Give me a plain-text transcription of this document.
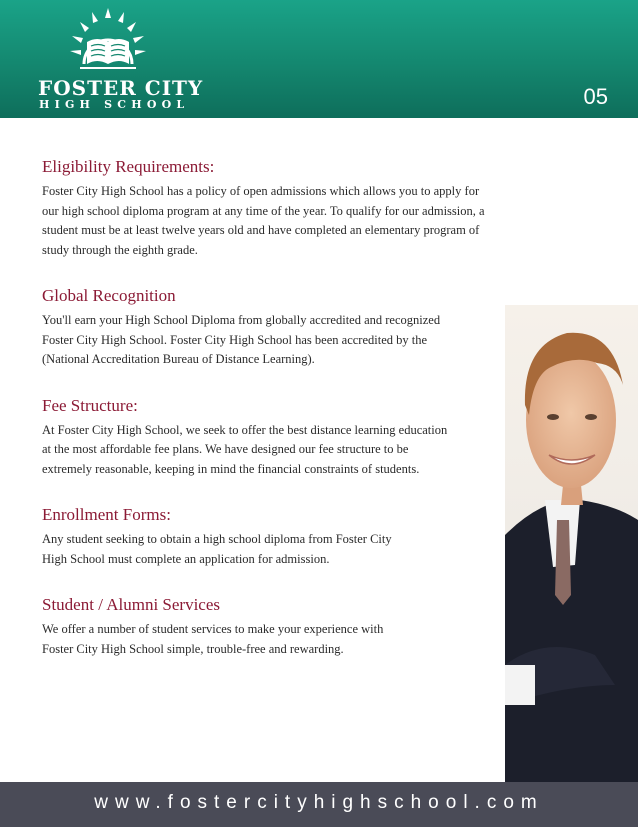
FOSTER CITY
HIGH SCHOOL	05
Eligibility Requirements:

Foster City High School has a policy of open admissions which allows you to apply for
our high school diploma program at any time of the year. To qualify for our admission, a
student must be at least twelve years old and have completed an elementary program of
study through the eighth grade.

Global Recognition

You'll earn your High School Diploma from globally accredited and recognized
Foster City High School. Foster City High School has been accredited by the
(National Accreditation Bureau of Distance Learning).

Fee Structure:

At Foster City High School, we seek to offer the best distance learning education
at the most affordable fee plans. We have designed our fee structure to be
extremely reasonable, keeping in mind the financial constraints of students.

Enrollment Forms:

Any student seeking to obtain a high school diploma from Foster City
High School must complete an application for admission.

Student / Alumni Services

We offer a number of student services to make your experience with
Foster City High School simple, trouble-free and rewarding.

www.fostercityhighschool.com
